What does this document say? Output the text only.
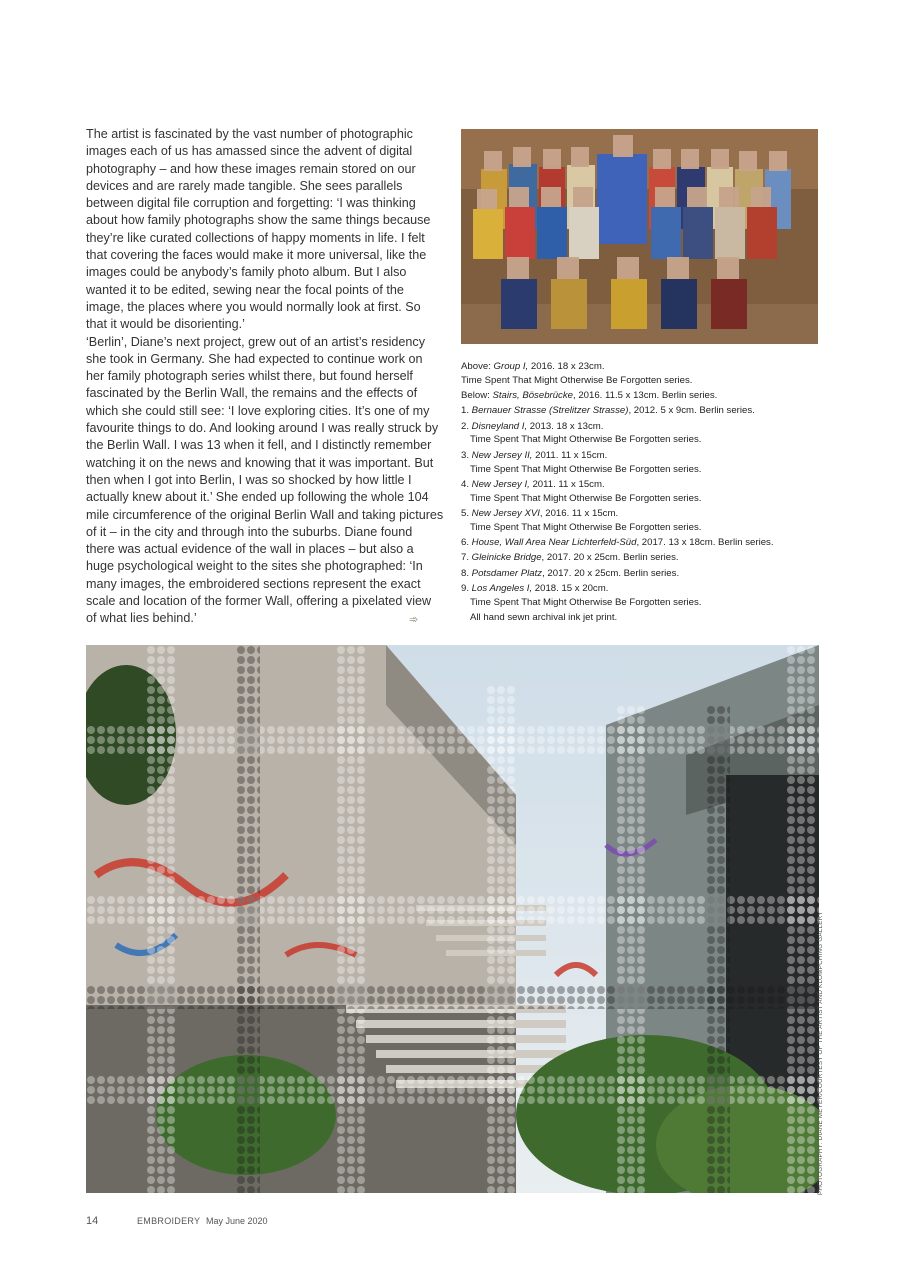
The artist is fascinated by the vast number of photographic images each of us has amassed since the advent of digital photography – and how these images remain stored on our devices and are rarely made tangible. She sees parallels between digital file corruption and forgetting: ‘I was thinking about how family photographs show the same things because they’re like curated collections of happy moments in life. I felt that covering the faces would make it more universal, like the images could be anybody’s family photo album. But I also wanted it to be edited, sewing near the focal points of the image, the places where you would normally look at first. So that it would be disorienting.’

‘Berlin’, Diane’s next project, grew out of an artist’s residency she took in Germany. She had expected to continue work on her family photograph series whilst there, but found herself fascinated by the Berlin Wall, the remains and the effects of which she could still see: ‘I love exploring cities. It’s one of my favourite things to do. And looking around I was really struck by the Berlin Wall. I was 13 when it fell, and I distinctly remember watching it on the news and knowing that it was important. But then when I got into Berlin, I was so shocked by how little I actually knew about it.’ She ended up following the whole 104 mile circumference of the original Berlin Wall and taking pictures of it – in the city and through into the suburbs. Diane found there was actual evidence of the wall in places – but also a huge psychological weight to the sites she photographed: ‘In many images, the embroidered sections represent the exact scale and location of the former Wall, offering a pixelated view of what lies behind.’	➾
Above: Group I, 2016. 18 x 23cm.
Time Spent That Might Otherwise Be Forgotten series.
Below: Stairs, Bösebrücke, 2016. 11.5 x 13cm. Berlin series.
1. Bernauer Strasse (Strelitzer Strasse), 2012. 5 x 9cm. Berlin series.
2. Disneyland I, 2013. 18 x 13cm.
Time Spent That Might Otherwise Be Forgotten series.
3. New Jersey II, 2011. 11 x 15cm.
Time Spent That Might Otherwise Be Forgotten series.
4. New Jersey I, 2011. 11 x 15cm.
Time Spent That Might Otherwise Be Forgotten series.
5. New Jersey XVI, 2016. 11 x 15cm.
Time Spent That Might Otherwise Be Forgotten series.
6. House, Wall Area Near Lichterfeld-Süd, 2017. 13 x 18cm. Berlin series.
7. Gleinicke Bridge, 2017. 20 x 25cm. Berlin series.
8. Potsdamer Platz, 2017. 20 x 25cm. Berlin series.
9. Los Angeles I, 2018. 15 x 20cm.
Time Spent That Might Otherwise Be Forgotten series.
All hand sewn archival ink jet print.
PHOTOGRAPHY: DIANE MEYER/COURTESY OF THE ARTIST AND KLOMPCHING GALLERY
14	EMBROIDERY May June 2020
